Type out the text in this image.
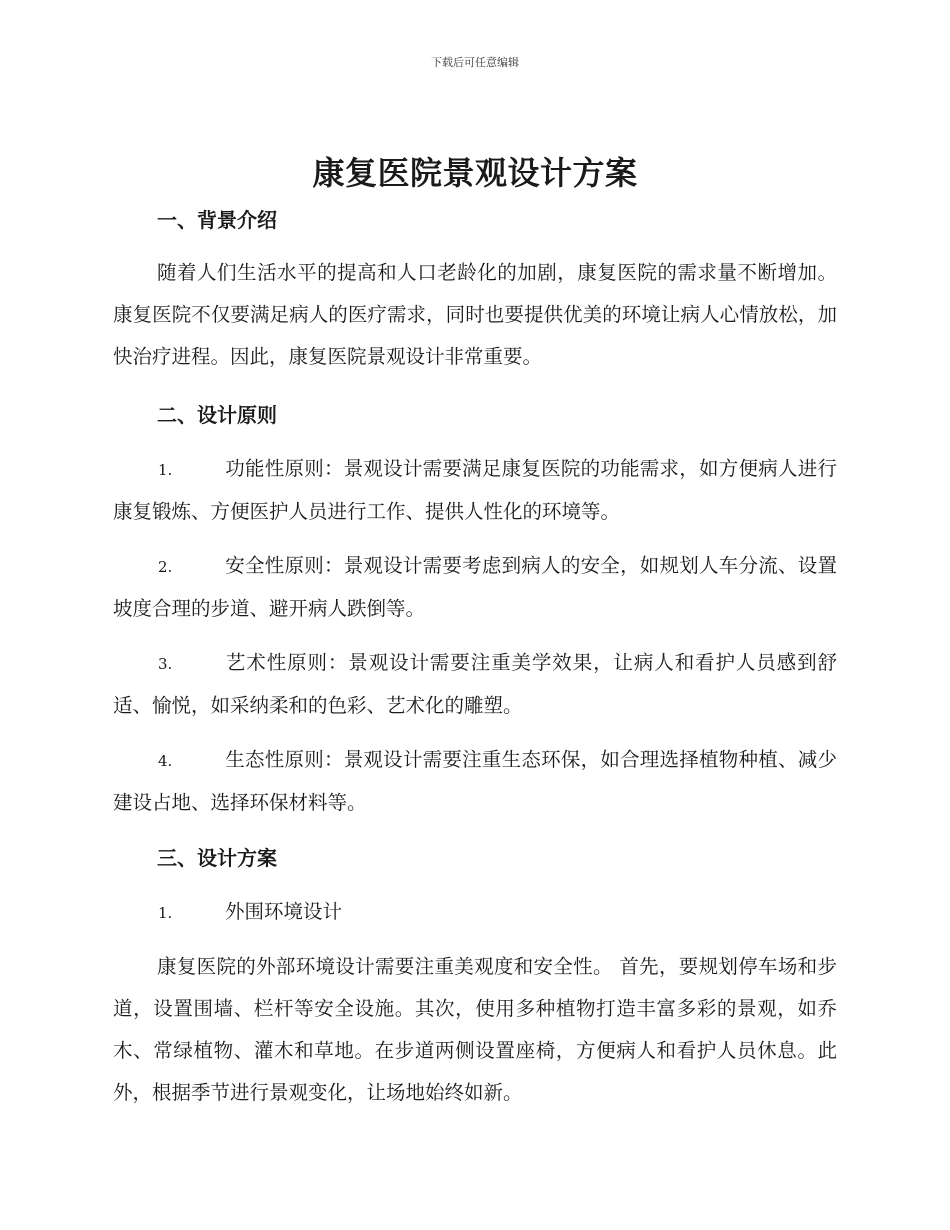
下载后可任意编辑
康复医院景观设计方案
一、背景介绍

随着人们生活水平的提高和人口老龄化的加剧，康复医院的需求量不断增加。康复医院不仅要满足病人的医疗需求，同时也要提供优美的环境让病人心情放松，加快治疗进程。因此，康复医院景观设计非常重要。

二、设计原则

1.	功能性原则：景观设计需要满足康复医院的功能需求，如方便病人进行康复锻炼、方便医护人员进行工作、提供人性化的环境等。

2.	安全性原则：景观设计需要考虑到病人的安全，如规划人车分流、设置坡度合理的步道、避开病人跌倒等。

3.	艺术性原则：景观设计需要注重美学效果，让病人和看护人员感到舒适、愉悦，如采纳柔和的色彩、艺术化的雕塑。

4.	生态性原则：景观设计需要注重生态环保，如合理选择植物种植、减少建设占地、选择环保材料等。

三、设计方案

1.	外围环境设计

康复医院的外部环境设计需要注重美观度和安全性。 首先，要规划停车场和步道，设置围墙、栏杆等安全设施。其次，使用多种植物打造丰富多彩的景观，如乔木、常绿植物、灌木和草地。在步道两侧设置座椅，方便病人和看护人员休息。此外，根据季节进行景观变化，让场地始终如新。
